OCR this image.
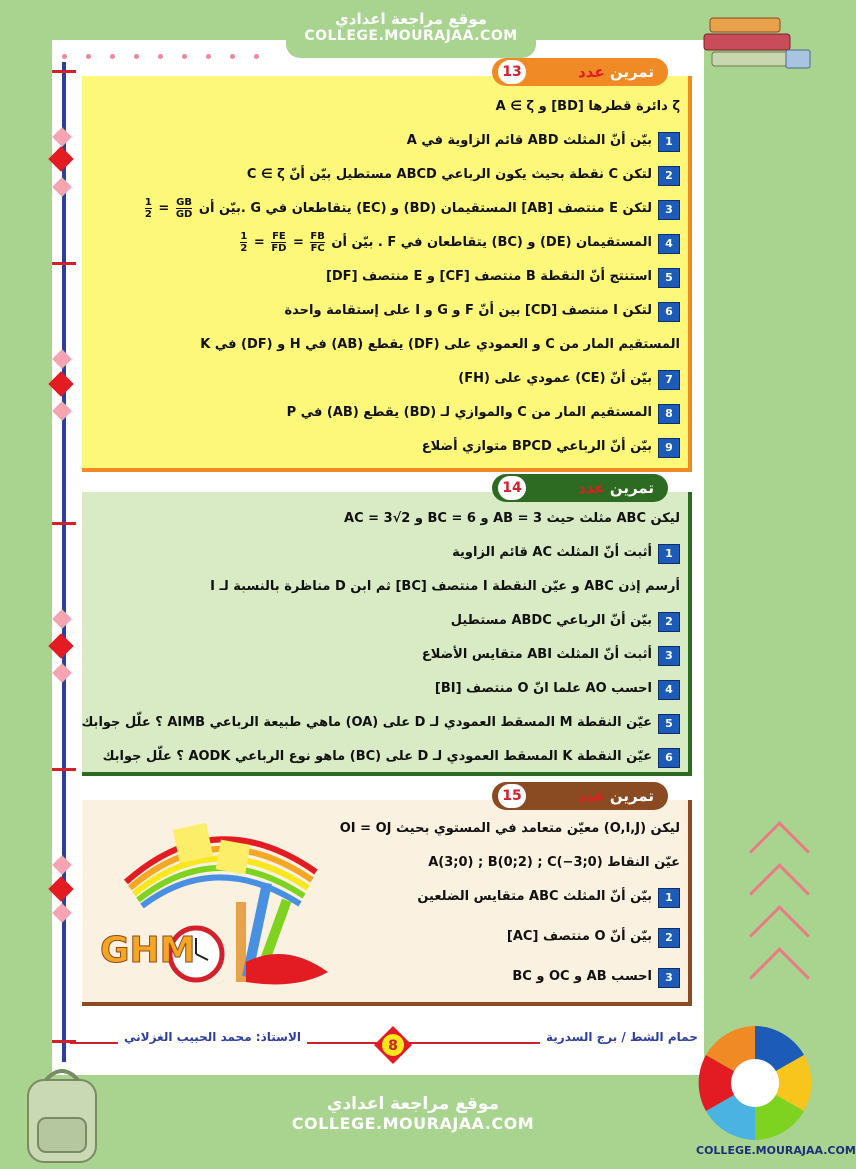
موقع مراجعة اعدادي
COLLEGE.MOURAJAA.COM
تمرين عدد
13
ζ دائرة قطرها [BD] و A ∈ ζ
1
بيّن أنّ المثلث ABD قائم الزاوية في A
2
لتكن C نقطة بحيث يكون الرباعي ABCD مستطيل بيّن أنّ C ∈ ζ
3
لتكن E منتصف [AB] المستقيمان (BD) و (EC) يتقاطعان في G .بيّن أن
$\frac{GB}{GD}$ =
$\frac{1}{2}$
4
المستقيمان (DE) و (BC) يتقاطعان في F . بيّن أن
$\frac{FB}{FC}$ =
$\frac{FE}{FD}$ =
$\frac{1}{2}$
5
استنتج أنّ النقطة B منتصف [CF] و E منتصف [DF]
6
لتكن I منتصف [CD] بين أنّ F و G و I على إستقامة واحدة
المستقيم المار من C و العمودي على (DF) يقطع (AB) في H و (DF) في K
7
بيّن أنّ (CE) عمودي على (FH)
8
المستقيم المار من C والموازي لـ (BD) يقطع (AB) في P
9
بيّن أنّ الرباعي BPCD متوازي أضلاع
تمرين عدد
14
ليكن ABC مثلث حيث AB = 3 و BC = 6 و AC = 3√2
1
أثبت أنّ المثلث AC قائم الزاوية
أرسم إذن ABC و عيّن النقطة I منتصف [BC] ثم ابن D مناظرة بالنسبة لـ I
2
بيّن أنّ الرباعي ABDC مستطيل
3
أثبت أنّ المثلث ABI متقايس الأضلاع
4
احسب AO علما انّ O منتصف [BI]
5
عيّن النقطة M المسقط العمودي لـ D على (OA) ماهي طبيعة الرباعي AIMB ؟ علّل جوابك
6
عيّن النقطة K المسقط العمودي لـ D على (BC) ماهو نوع الرباعي AODK ؟ علّل جوابك
تمرين عدد
15
ليكن (O,I,J) معيّن متعامد في المستوي بحيث OI = OJ
عيّن النقاط A(3;0) ; B(0;2) ; C(−3;0)
1
بيّن أنّ المثلث ABC متقايس الضلعين
2
بيّن أنّ O منتصف [AC]
3
احسب AB و OC و BC
GHM
الاستاذ: محمد الحبيب الغزلاني	حمام الشط / برج السدرية
8
موقع مراجعة اعدادي
COLLEGE.MOURAJAA.COM
COLLEGE.MOURAJAA.COM
